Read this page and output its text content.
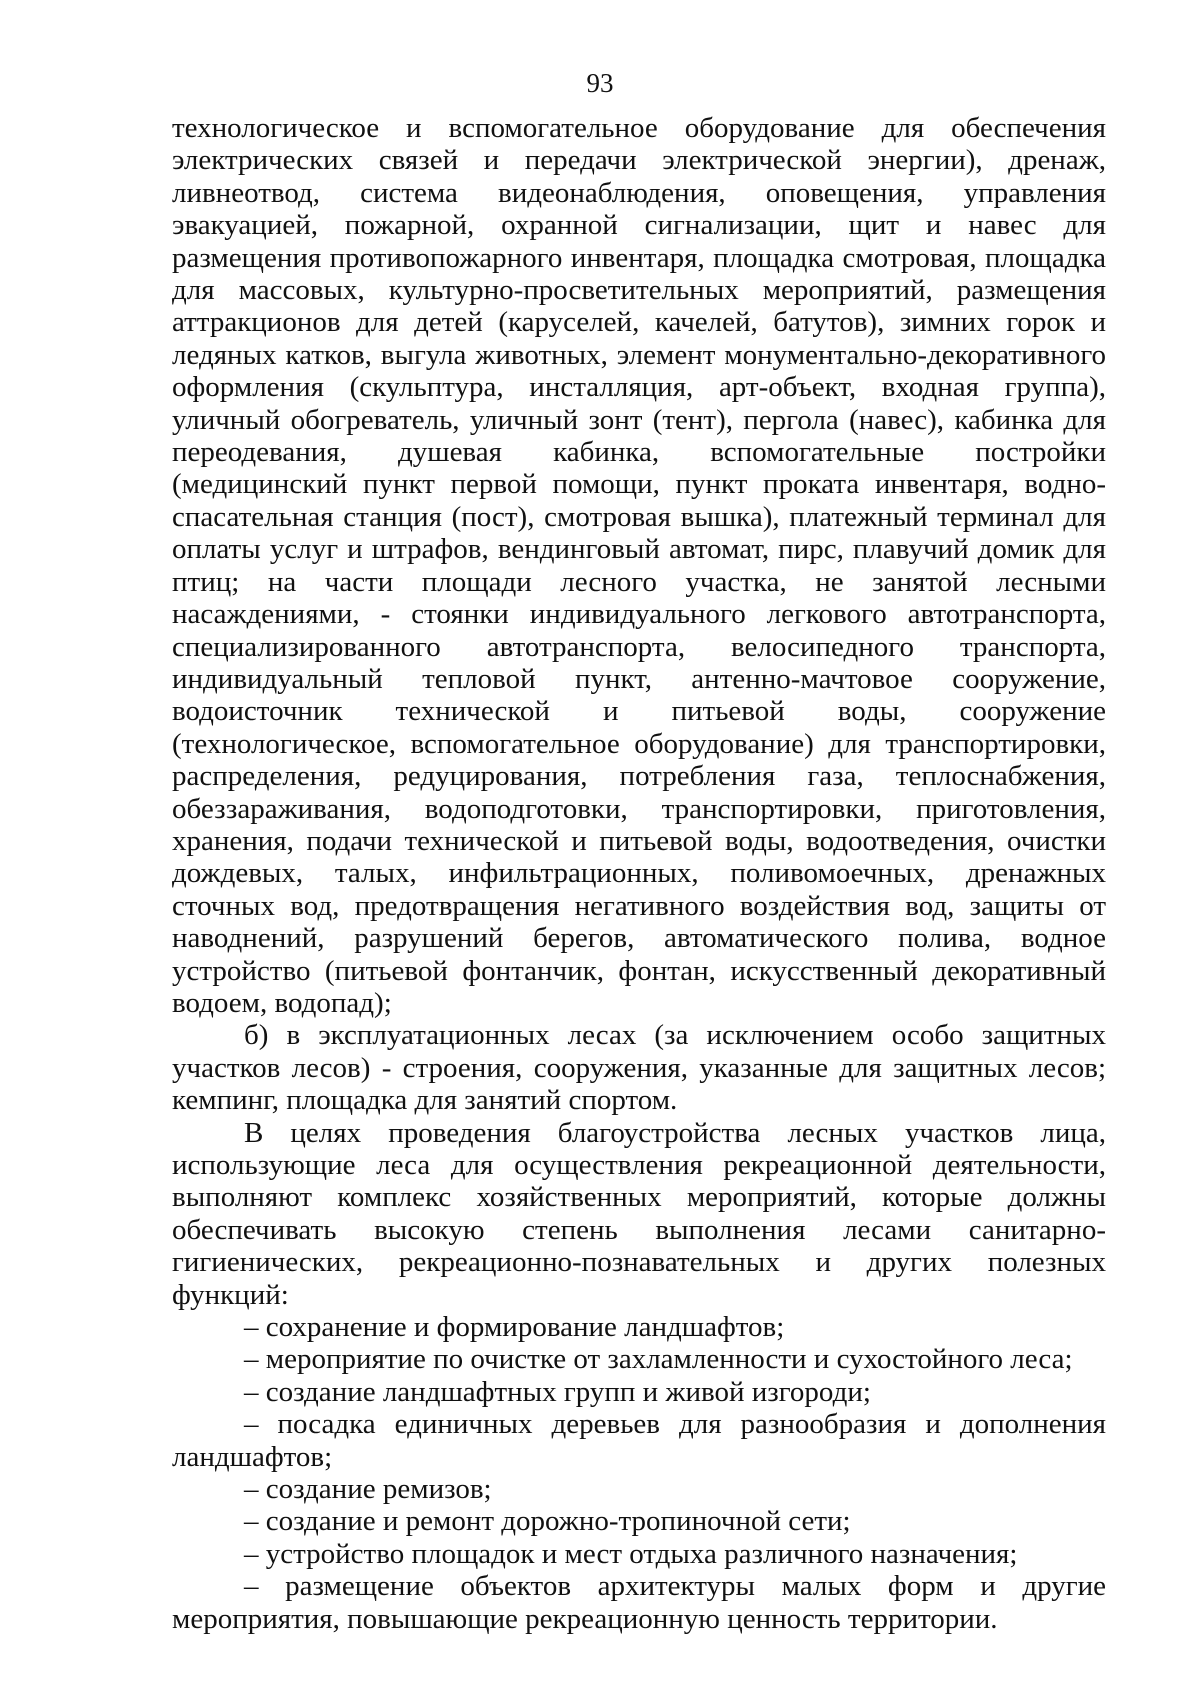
93

технологическое и вспомогательное оборудование для обеспечения электрических связей и передачи электрической энергии), дренаж, ливнеотвод, система видеонаблюдения, оповещения, управления эвакуацией, пожарной, охранной сигнализации, щит и навес для размещения противопожарного инвентаря, площадка смотровая, площадка для массовых, культурно-просветительных мероприятий, размещения аттракционов для детей (каруселей, качелей, батутов), зимних горок и ледяных катков, выгула животных, элемент монументально-декоративного оформления (скульптура, инсталляция, арт-объект, входная группа), уличный обогреватель, уличный зонт (тент), пергола (навес), кабинка для переодевания, душевая кабинка, вспомогательные постройки (медицинский пункт первой помощи, пункт проката инвентаря, водно-спасательная станция (пост), смотровая вышка), платежный терминал для оплаты услуг и штрафов, вендинговый автомат, пирс, плавучий домик для птиц; на части площади лесного участка, не занятой лесными насаждениями, - стоянки индивидуального легкового автотранспорта, специализированного автотранспорта, велосипедного транспорта, индивидуальный тепловой пункт, антенно-мачтовое сооружение, водоисточник технической и питьевой воды, сооружение (технологическое, вспомогательное оборудование) для транспортировки, распределения, редуцирования, потребления газа, теплоснабжения, обеззараживания, водоподготовки, транспортировки, приготовления, хранения, подачи технической и питьевой воды, водоотведения, очистки дождевых, талых, инфильтрационных, поливомоечных, дренажных сточных вод, предотвращения негативного воздействия вод, защиты от наводнений, разрушений берегов, автоматического полива, водное устройство (питьевой фонтанчик, фонтан, искусственный декоративный водоем, водопад);

б) в эксплуатационных лесах (за исключением особо защитных участков лесов) - строения, сооружения, указанные для защитных лесов; кемпинг, площадка для занятий спортом.

В целях проведения благоустройства лесных участков лица, использующие леса для осуществления рекреационной деятельности, выполняют комплекс хозяйственных мероприятий, которые должны обеспечивать высокую степень выполнения лесами санитарно-гигиенических, рекреационно-познавательных и других полезных функций:

– сохранение и формирование ландшафтов;

– мероприятие по очистке от захламленности и сухостойного леса;

– создание ландшафтных групп и живой изгороди;

– посадка единичных деревьев для разнообразия и дополнения ландшафтов;

– создание ремизов;

– создание и ремонт дорожно-тропиночной сети;

– устройство площадок и мест отдыха различного назначения;

– размещение объектов архитектуры малых форм и другие мероприятия, повышающие рекреационную ценность территории.
